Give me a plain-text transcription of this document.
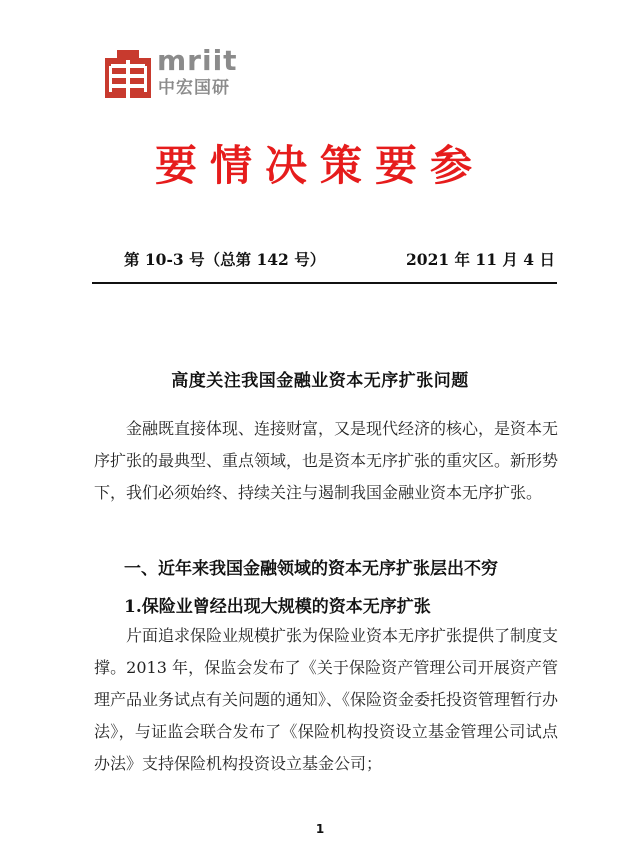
mriit
中宏国研
要情决策要参
第 10-3 号（总第 142 号）	2021 年 11 月 4 日
高度关注我国金融业资本无序扩张问题
金融既直接体现、连接财富，又是现代经济的核心，是资本无序扩张的最典型、重点领域，也是资本无序扩张的重灾区。新形势下，我们必须始终、持续关注与遏制我国金融业资本无序扩张。
一、近年来我国金融领域的资本无序扩张层出不穷
1.保险业曾经出现大规模的资本无序扩张
片面追求保险业规模扩张为保险业资本无序扩张提供了制度支撑。2013 年，保监会发布了《关于保险资产管理公司开展资产管理产品业务试点有关问题的通知》、《保险资金委托投资管理暂行办法》，与证监会联合发布了《保险机构投资设立基金管理公司试点办法》支持保险机构投资设立基金公司；
1
